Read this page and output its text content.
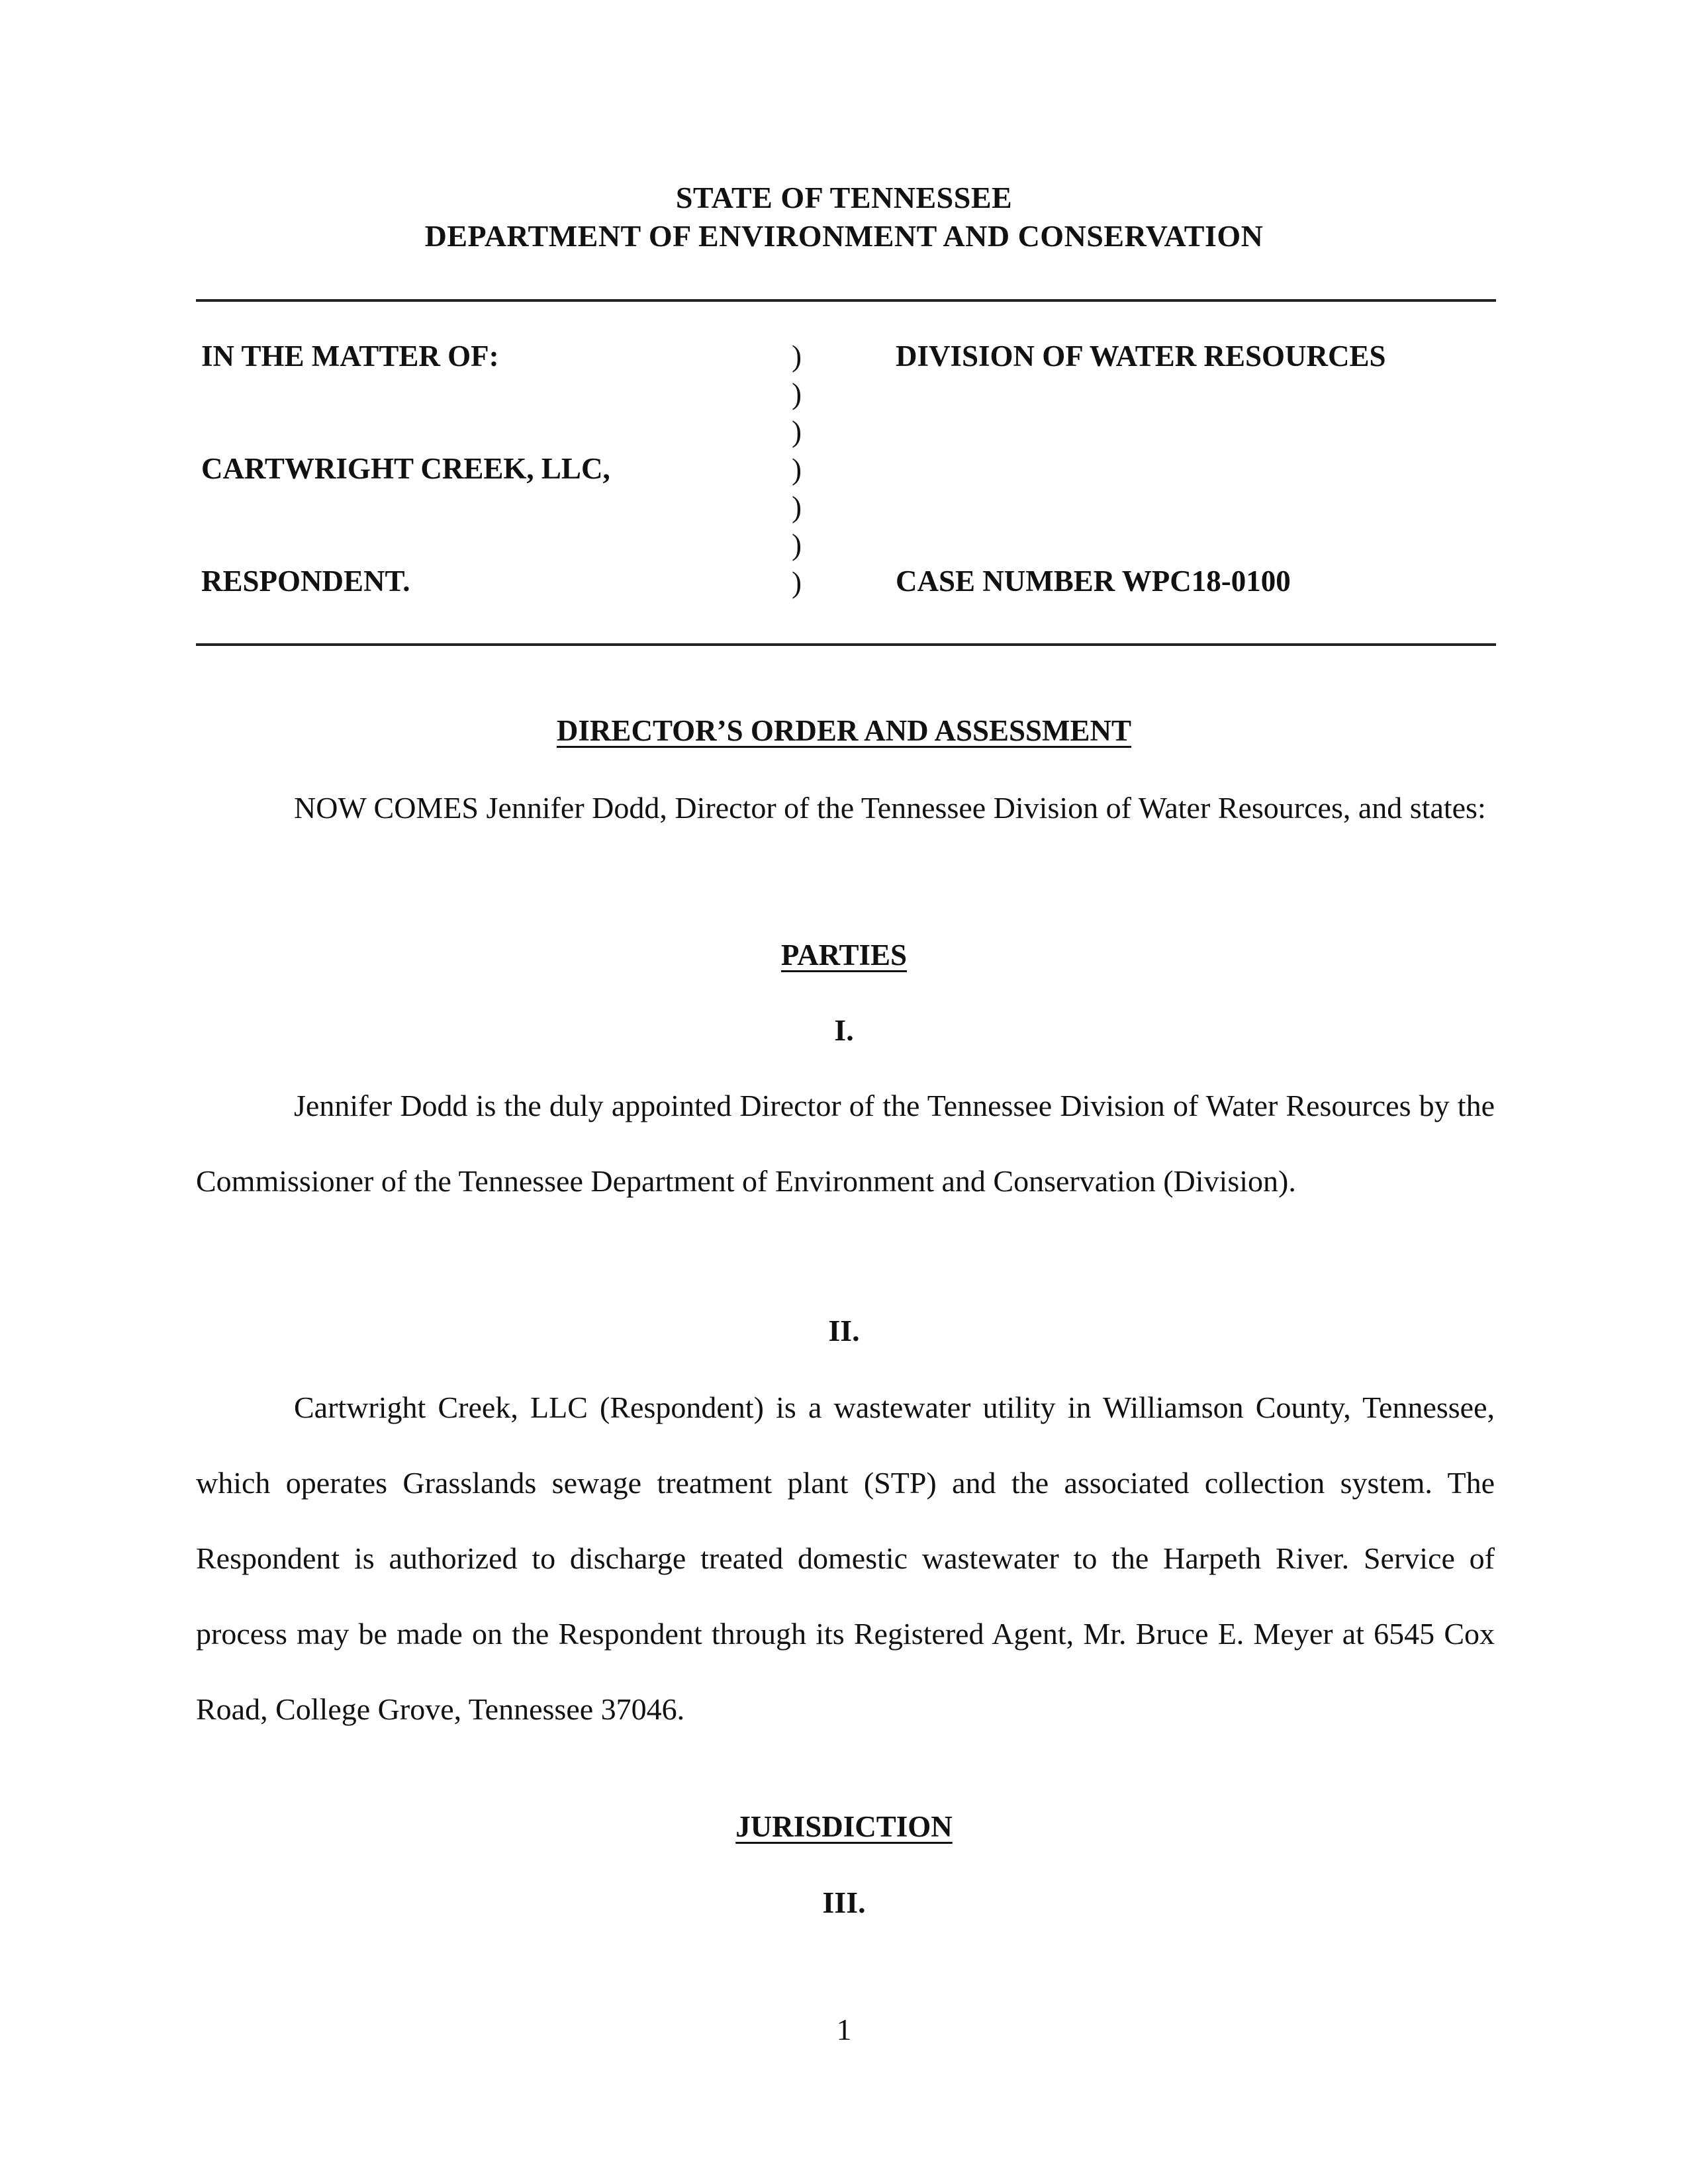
STATE OF TENNESSEE
DEPARTMENT OF ENVIRONMENT AND CONSERVATION
IN THE MATTER OF:
CARTWRIGHT CREEK, LLC,
RESPONDENT.
)
)
)
)
)
)
)
DIVISION OF WATER RESOURCES
CASE NUMBER WPC18-0100
DIRECTOR’S ORDER AND ASSESSMENT
NOW COMES Jennifer Dodd, Director of the Tennessee Division of Water Resources, and states:
PARTIES
I.
Jennifer Dodd is the duly appointed Director of the Tennessee Division of Water Resources by the Commissioner of the Tennessee Department of Environment and Conservation (Division).
II.
Cartwright Creek, LLC (Respondent) is a wastewater utility in Williamson County, Tennessee, which operates Grasslands sewage treatment plant (STP) and the associated collection system. The Respondent is authorized to discharge treated domestic wastewater to the Harpeth River. Service of process may be made on the Respondent through its Registered Agent, Mr. Bruce E. Meyer at 6545 Cox Road, College Grove, Tennessee 37046.
JURISDICTION
III.
1
